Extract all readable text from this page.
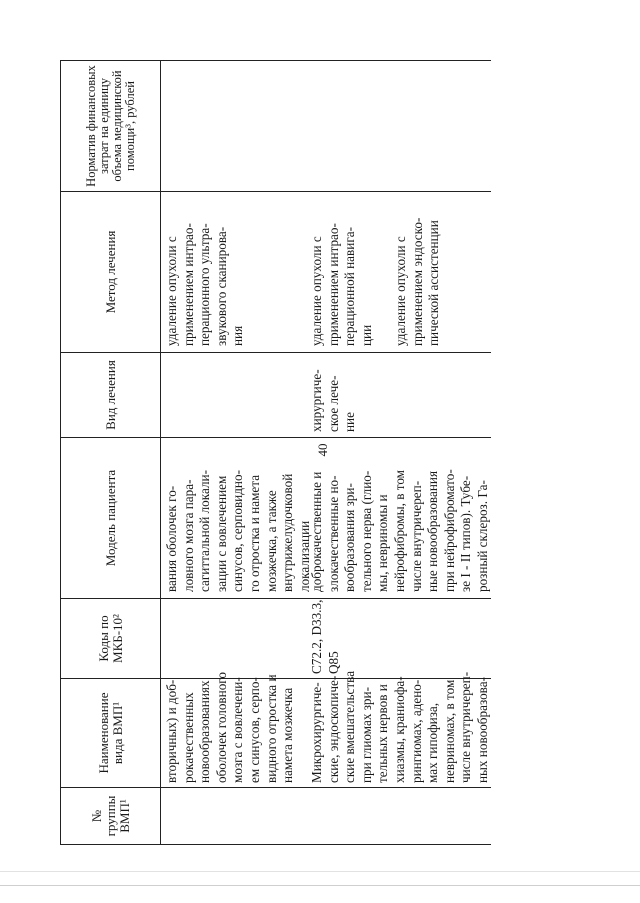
40
№ группы ВМП¹
Наименование вида ВМП¹
Коды по МКБ-10²
Модель пациента
Вид лечения
Метод лечения
Норматив финансовых затрат на единицу объема медицинской помощи³, рублей
вторичных) и доб-
рокачественных
новообразованиях
оболочек головного
мозга с вовлечени-
ем синусов, серпо-
видного отростка и
намета мозжечка
вания оболочек го-
ловного мозга пара-
сагиттальной локали-
зации с вовлечением
синусов, серповидно-
го отростка и намета
мозжечка, а также
внутрижелудочковой
локализации
удаление опухоли с
применением интрао-
перационного ультра-
звукового сканирова-
ния
Микрохирургиче-
ские, эндоскопиче-
ские вмешательства
при глиомах зри-
тельных нервов и
хиазмы, краниофа-
рингиомах, адено-
мах гипофиза,
невриномах, в том
числе внутричереп-
ных новообразова-
C72.2, D33.3,
Q85
доброкачественные и
злокачественные но-
вообразования зри-
тельного нерва (глио-
мы, невриномы и
нейрофибромы, в том
числе внутричереп-
ные новообразования
при нейрофибромато-
зе I - II типов). Тубе-
розный склероз. Га-
хирургиче-
ское лече-
ние
удаление опухоли с
применением интрао-
перационной навига-
ции удаление опухоли с
применением эндоско-
пической ассистенции
